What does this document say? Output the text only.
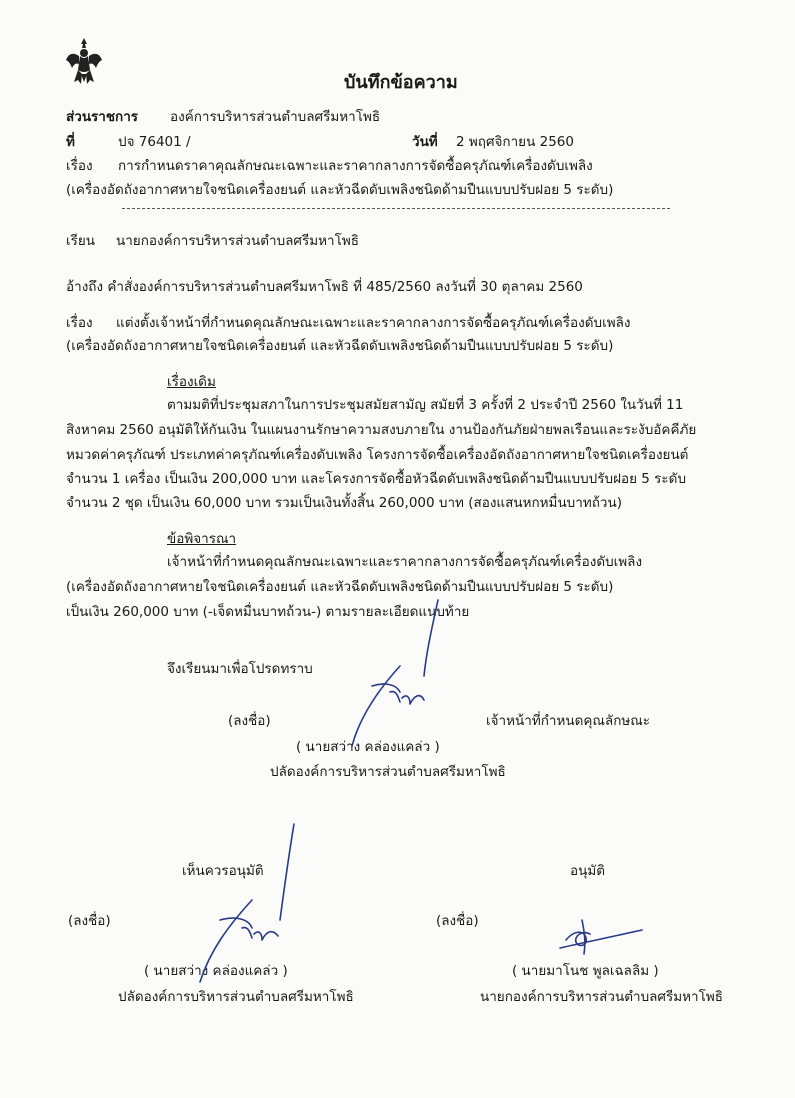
บันทึกข้อความ
ส่วนราชการ องค์การบริหารส่วนตำบลศรีมหาโพธิ
ที่	ปจ 76401 /	วันที่ 2 พฤศจิกายน 2560
เรื่อง การกำหนดราคาคุณลักษณะเฉพาะและราคากลางการจัดซื้อครุภัณฑ์เครื่องดับเพลิง
(เครื่องอัดถังอากาศหายใจชนิดเครื่องยนต์ และหัวฉีดดับเพลิงชนิดด้ามปืนแบบปรับฝอย 5 ระดับ)
เรียน นายกองค์การบริหารส่วนตำบลศรีมหาโพธิ
อ้างถึง คำสั่งองค์การบริหารส่วนตำบลศรีมหาโพธิ ที่ 485/2560 ลงวันที่ 30 ตุลาคม 2560
เรื่อง แต่งตั้งเจ้าหน้าที่กำหนดคุณลักษณะเฉพาะและราคากลางการจัดซื้อครุภัณฑ์เครื่องดับเพลิง
(เครื่องอัดถังอากาศหายใจชนิดเครื่องยนต์ และหัวฉีดดับเพลิงชนิดด้ามปืนแบบปรับฝอย 5 ระดับ)
เรื่องเดิม
ตามมติที่ประชุมสภาในการประชุมสมัยสามัญ สมัยที่ 3 ครั้งที่ 2 ประจำปี 2560 ในวันที่ 11
สิงหาคม 2560 อนุมัติให้กันเงิน ในแผนงานรักษาความสงบภายใน งานป้องกันภัยฝ่ายพลเรือนและระงับอัคคีภัย
หมวดค่าครุภัณฑ์ ประเภทค่าครุภัณฑ์เครื่องดับเพลิง โครงการจัดซื้อเครื่องอัดถังอากาศหายใจชนิดเครื่องยนต์
จำนวน 1 เครื่อง เป็นเงิน 200,000 บาท และโครงการจัดซื้อหัวฉีดดับเพลิงชนิดด้ามปืนแบบปรับฝอย 5 ระดับ
จำนวน 2 ชุด เป็นเงิน 60,000 บาท รวมเป็นเงินทั้งสิ้น 260,000 บาท (สองแสนหกหมื่นบาทถ้วน)
ข้อพิจารณา
เจ้าหน้าที่กำหนดคุณลักษณะเฉพาะและราคากลางการจัดซื้อครุภัณฑ์เครื่องดับเพลิง
(เครื่องอัดถังอากาศหายใจชนิดเครื่องยนต์ และหัวฉีดดับเพลิงชนิดด้ามปืนแบบปรับฝอย 5 ระดับ)
เป็นเงิน 260,000 บาท (-เจ็ดหมื่นบาทถ้วน-) ตามรายละเอียดแนบท้าย
จึงเรียนมาเพื่อโปรดทราบ
(ลงชื่อ)	เจ้าหน้าที่กำหนดคุณลักษณะ
( นายสว่าง คล่องแคล่ว )
ปลัดองค์การบริหารส่วนตำบลศรีมหาโพธิ
เห็นควรอนุมัติ
(ลงชื่อ)
( นายสว่าง คล่องแคล่ว )
ปลัดองค์การบริหารส่วนตำบลศรีมหาโพธิ
อนุมัติ
(ลงชื่อ)
( นายมาโนช พูลเฉลลิม )
นายกองค์การบริหารส่วนตำบลศรีมหาโพธิ
